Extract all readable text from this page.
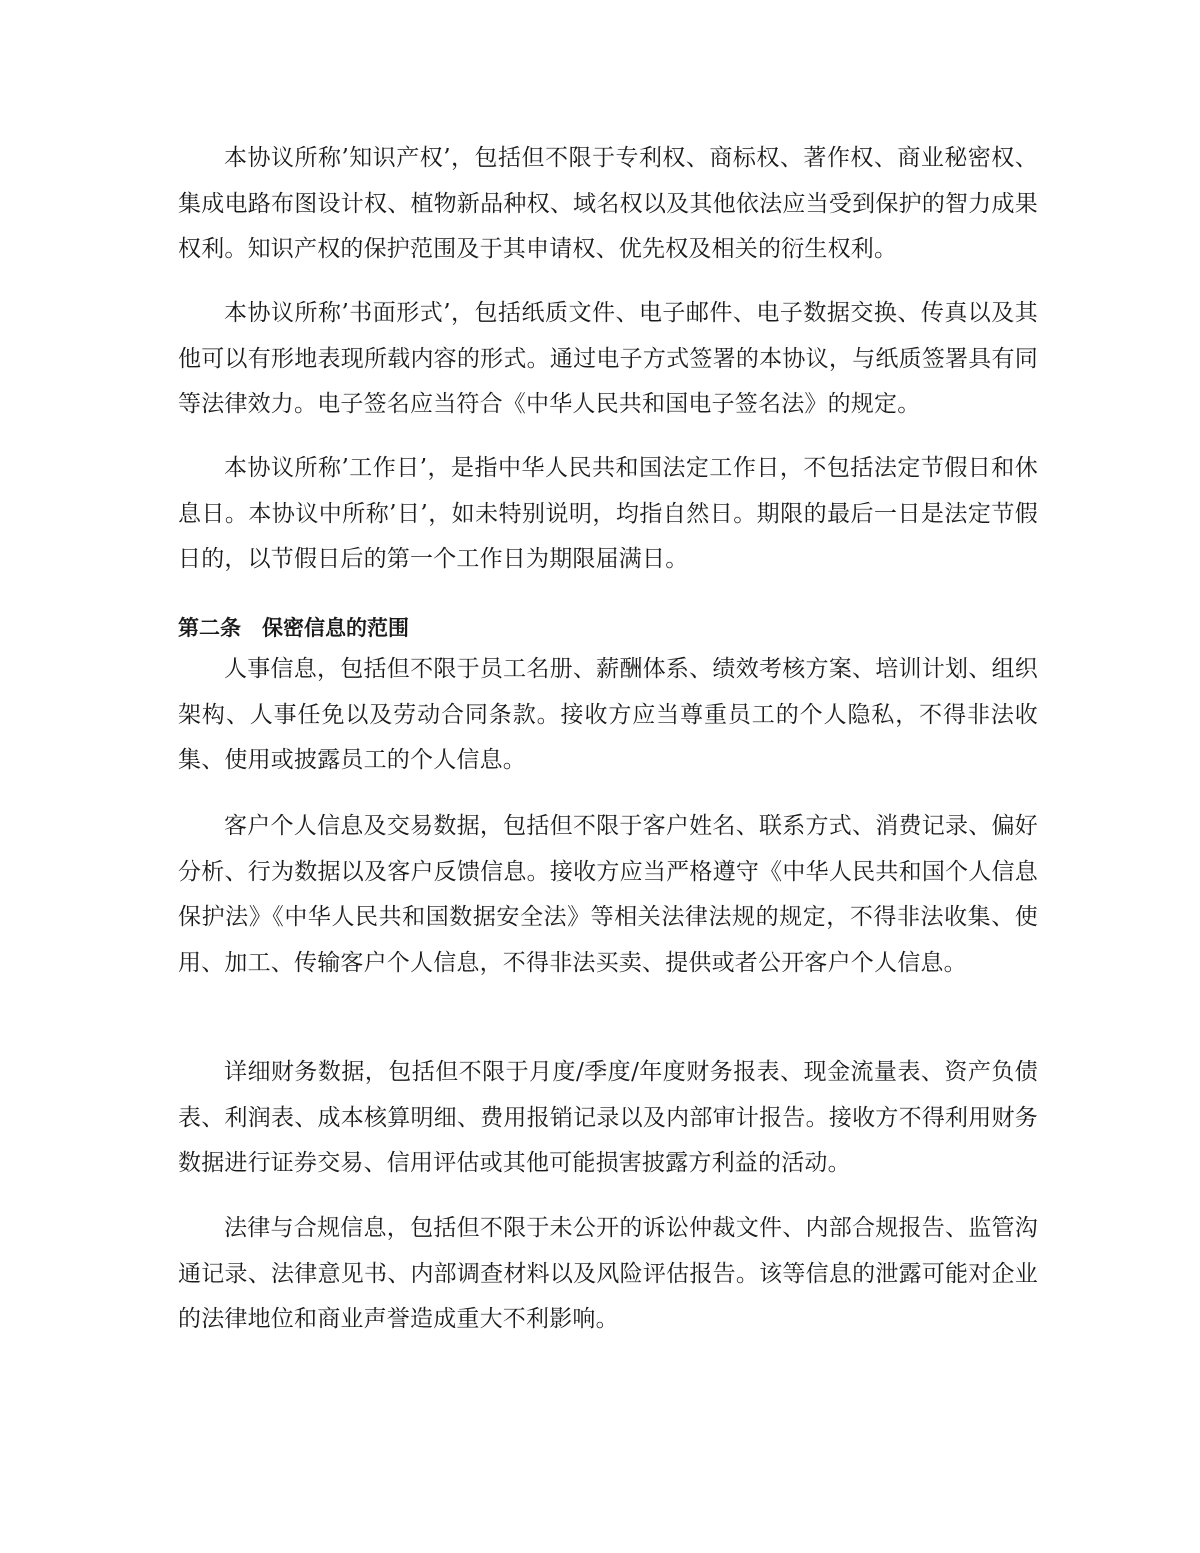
本协议所称’知识产权’，包括但不限于专利权、商标权、著作权、商业秘密权、集成电路布图设计权、植物新品种权、域名权以及其他依法应当受到保护的智力成果权利。知识产权的保护范围及于其申请权、优先权及相关的衍生权利。

本协议所称’书面形式’，包括纸质文件、电子邮件、电子数据交换、传真以及其他可以有形地表现所载内容的形式。通过电子方式签署的本协议，与纸质签署具有同等法律效力。电子签名应当符合《中华人民共和国电子签名法》的规定。

本协议所称’工作日’，是指中华人民共和国法定工作日，不包括法定节假日和休息日。本协议中所称’日’，如未特别说明，均指自然日。期限的最后一日是法定节假日的，以节假日后的第一个工作日为期限届满日。

第二条　保密信息的范围

人事信息，包括但不限于员工名册、薪酬体系、绩效考核方案、培训计划、组织架构、人事任免以及劳动合同条款。接收方应当尊重员工的个人隐私，不得非法收集、使用或披露员工的个人信息。

客户个人信息及交易数据，包括但不限于客户姓名、联系方式、消费记录、偏好分析、行为数据以及客户反馈信息。接收方应当严格遵守《中华人民共和国个人信息保护法》《中华人民共和国数据安全法》等相关法律法规的规定，不得非法收集、使用、加工、传输客户个人信息，不得非法买卖、提供或者公开客户个人信息。

详细财务数据，包括但不限于月度/季度/年度财务报表、现金流量表、资产负债表、利润表、成本核算明细、费用报销记录以及内部审计报告。接收方不得利用财务数据进行证券交易、信用评估或其他可能损害披露方利益的活动。

法律与合规信息，包括但不限于未公开的诉讼仲裁文件、内部合规报告、监管沟通记录、法律意见书、内部调查材料以及风险评估报告。该等信息的泄露可能对企业的法律地位和商业声誉造成重大不利影响。
